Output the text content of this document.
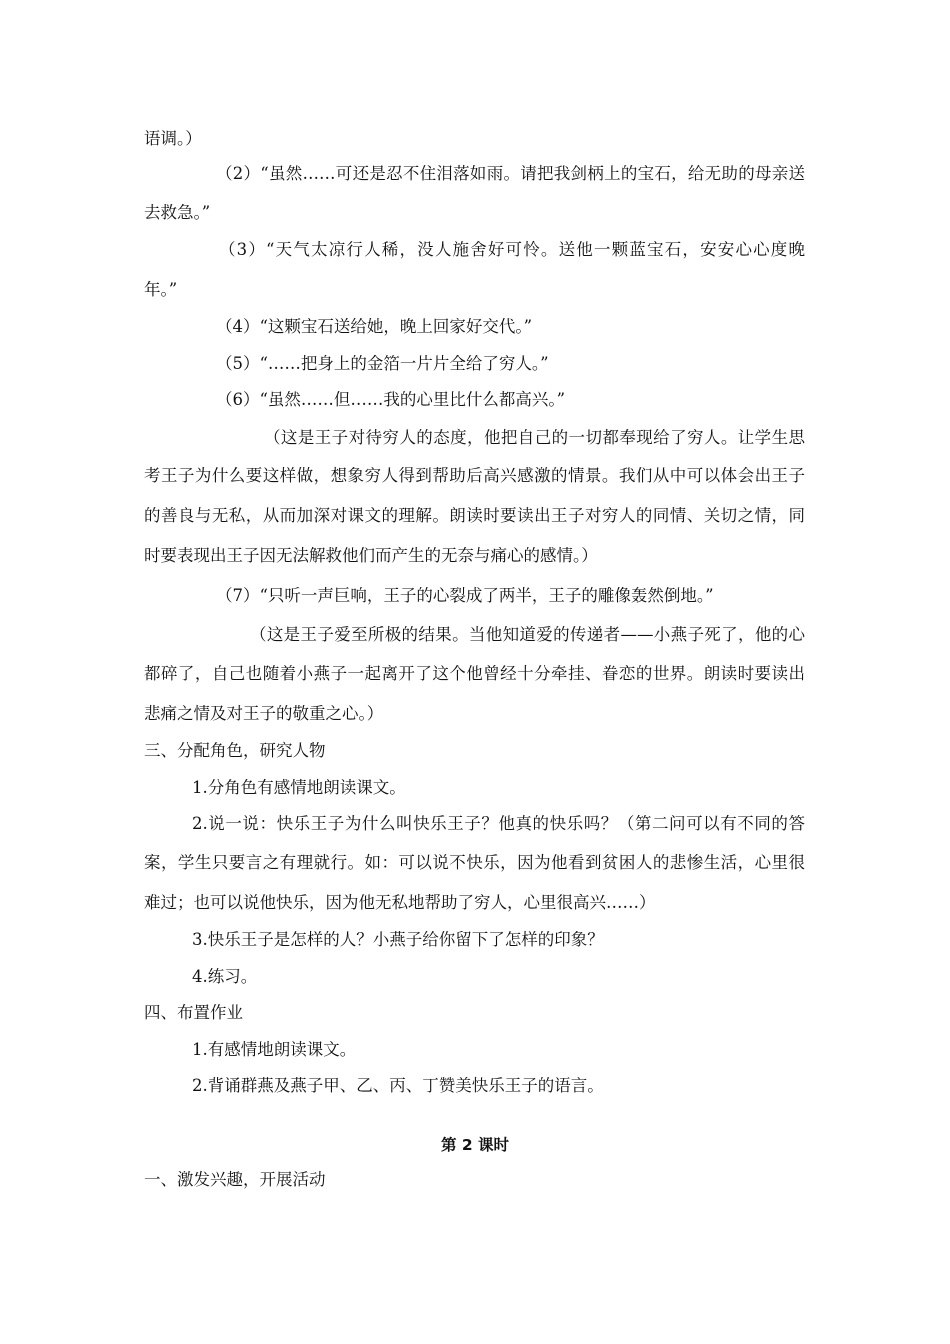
语调。）
（2）“虽然……可还是忍不住泪落如雨。请把我剑柄上的宝石，给无助的母亲送
去救急。”
（3）“天气太凉行人稀，没人施舍好可怜。送他一颗蓝宝石，安安心心度晚
年。”
（4）“这颗宝石送给她，晚上回家好交代。”
（5）“……把身上的金箔一片片全给了穷人。”
（6）“虽然……但……我的心里比什么都高兴。”
（这是王子对待穷人的态度，他把自己的一切都奉现给了穷人。让学生思
考王子为什么要这样做，想象穷人得到帮助后高兴感激的情景。我们从中可以体会出王子
的善良与无私，从而加深对课文的理解。朗读时要读出王子对穷人的同情、关切之情，同
时要表现出王子因无法解救他们而产生的无奈与痛心的感情。）
（7）“只听一声巨响，王子的心裂成了两半，王子的雕像轰然倒地。”
（这是王子爱至所极的结果。当他知道爱的传递者——小燕子死了，他的心
都碎了，自己也随着小燕子一起离开了这个他曾经十分牵挂、眷恋的世界。朗读时要读出
悲痛之情及对王子的敬重之心。）
三、分配角色，研究人物
1.分角色有感情地朗读课文。
2.说一说：快乐王子为什么叫快乐王子？他真的快乐吗？（第二问可以有不同的答
案，学生只要言之有理就行。如：可以说不快乐，因为他看到贫困人的悲惨生活，心里很
难过；也可以说他快乐，因为他无私地帮助了穷人，心里很高兴……）
3.快乐王子是怎样的人？小燕子给你留下了怎样的印象？
4.练习。
四、布置作业
1.有感情地朗读课文。
2.背诵群燕及燕子甲、乙、丙、丁赞美快乐王子的语言。
第 2 课时
一、激发兴趣，开展活动
